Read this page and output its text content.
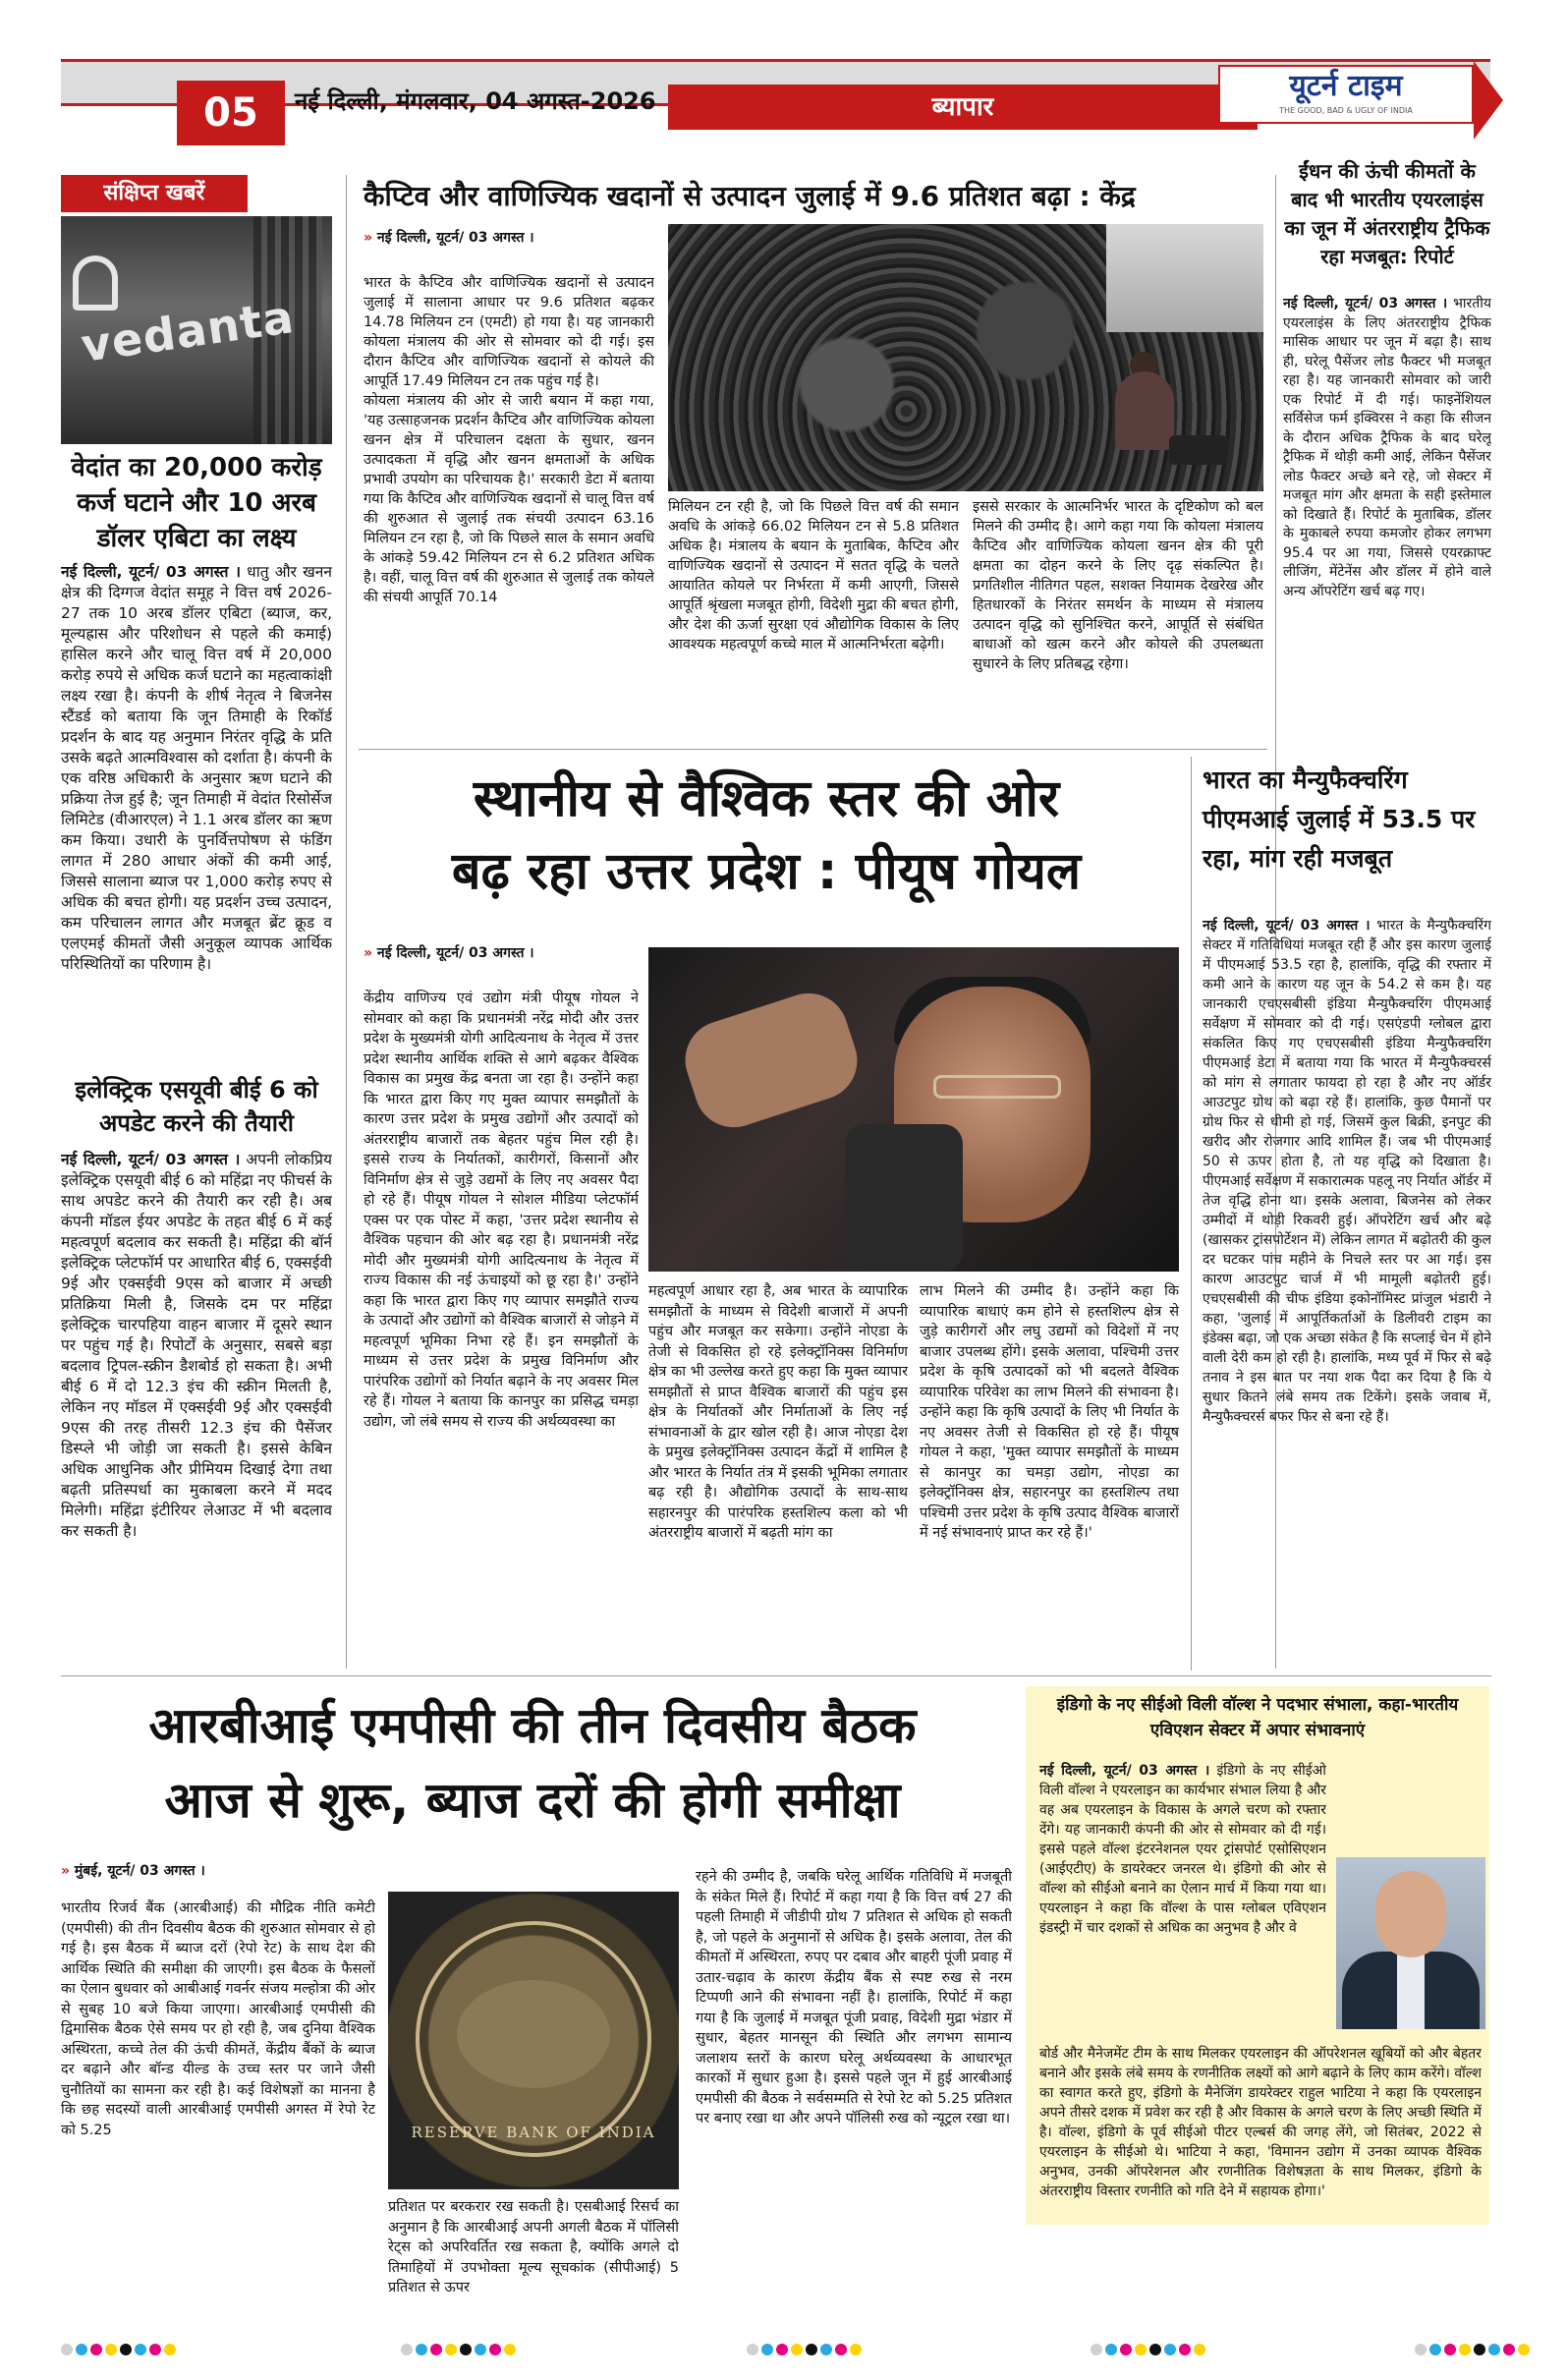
05	नई दिल्ली, मंगलवार, 04 अगस्त-2026	ब्यापार
यूटर्न टाइम
THE GOOD, BAD & UGLY OF INDIA
संक्षिप्त खबरें
vedanta
वेदांत का 20,000 करोड़ कर्ज घटाने और 10 अरब डॉलर एबिटा का लक्ष्य
नई दिल्ली, यूटर्न/ 03 अगस्त । धातु और खनन क्षेत्र की दिग्गज वेदांत समूह ने वित्त वर्ष 2026-27 तक 10 अरब डॉलर एबिटा (ब्याज, कर, मूल्यह्रास और परिशोधन से पहले की कमाई) हासिल करने और चालू वित्त वर्ष में 20,000 करोड़ रुपये से अधिक कर्ज घटाने का महत्वाकांक्षी लक्ष्य रखा है। कंपनी के शीर्ष नेतृत्व ने बिजनेस स्टैंडर्ड को बताया कि जून तिमाही के रिकॉर्ड प्रदर्शन के बाद यह अनुमान निरंतर वृद्धि के प्रति उसके बढ़ते आत्मविश्वास को दर्शाता है। कंपनी के एक वरिष्ठ अधिकारी के अनुसार ऋण घटाने की प्रक्रिया तेज हुई है; जून तिमाही में वेदांत रिसोर्सेज लिमिटेड (वीआरएल) ने 1.1 अरब डॉलर का ऋण कम किया। उधारी के पुनर्वित्तपोषण से फंडिंग लागत में 280 आधार अंकों की कमी आई, जिससे सालाना ब्याज पर 1,000 करोड़ रुपए से अधिक की बचत होगी। यह प्रदर्शन उच्च उत्पादन, कम परिचालन लागत और मजबूत ब्रेंट क्रूड व एलएमई कीमतों जैसी अनुकूल व्यापक आर्थिक परिस्थितियों का परिणाम है।
इलेक्ट्रिक एसयूवी बीई 6 को अपडेट करने की तैयारी
नई दिल्ली, यूटर्न/ 03 अगस्त । अपनी लोकप्रिय इलेक्ट्रिक एसयूवी बीई 6 को महिंद्रा नए फीचर्स के साथ अपडेट करने की तैयारी कर रही है। अब कंपनी मॉडल ईयर अपडेट के तहत बीई 6 में कई महत्वपूर्ण बदलाव कर सकती है। महिंद्रा की बॉर्न इलेक्ट्रिक प्लेटफॉर्म पर आधारित बीई 6, एक्सईवी 9ई और एक्सईवी 9एस को बाजार में अच्छी प्रतिक्रिया मिली है, जिसके दम पर महिंद्रा इलेक्ट्रिक चारपहिया वाहन बाजार में दूसरे स्थान पर पहुंच गई है। रिपोर्टों के अनुसार, सबसे बड़ा बदलाव ट्रिपल-स्क्रीन डैशबोर्ड हो सकता है। अभी बीई 6 में दो 12.3 इंच की स्क्रीन मिलती है, लेकिन नए मॉडल में एक्सईवी 9ई और एक्सईवी 9एस की तरह तीसरी 12.3 इंच की पैसेंजर डिस्प्ले भी जोड़ी जा सकती है। इससे केबिन अधिक आधुनिक और प्रीमियम दिखाई देगा तथा बढ़ती प्रतिस्पर्धा का मुकाबला करने में मदद मिलेगी। महिंद्रा इंटीरियर लेआउट में भी बदलाव कर सकती है।
कैप्टिव और वाणिज्यिक खदानों से उत्पादन जुलाई में 9.6 प्रतिशत बढ़ा : केंद्र
» नई दिल्ली, यूटर्न/ 03 अगस्त ।

भारत के कैप्टिव और वाणिज्यिक खदानों से उत्पादन जुलाई में सालाना आधार पर 9.6 प्रतिशत बढ़कर 14.78 मिलियन टन (एमटी) हो गया है। यह जानकारी कोयला मंत्रालय की ओर से सोमवार को दी गई। इस दौरान कैप्टिव और वाणिज्यिक खदानों से कोयले की आपूर्ति 17.49 मिलियन टन तक पहुंच गई है।

कोयला मंत्रालय की ओर से जारी बयान में कहा गया, 'यह उत्साहजनक प्रदर्शन कैप्टिव और वाणिज्यिक कोयला खनन क्षेत्र में परिचालन दक्षता के सुधार, खनन उत्पादकता में वृद्धि और खनन क्षमताओं के अधिक प्रभावी उपयोग का परिचायक है।' सरकारी डेटा में बताया गया कि कैप्टिव और वाणिज्यिक खदानों से चालू वित्त वर्ष की शुरुआत से जुलाई तक संचयी उत्पादन 63.16 मिलियन टन रहा है, जो कि पिछले साल के समान अवधि के आंकड़े 59.42 मिलियन टन से 6.2 प्रतिशत अधिक है। वहीं, चालू वित्त वर्ष की शुरुआत से जुलाई तक कोयले की संचयी आपूर्ति 70.14

मिलियन टन रही है, जो कि पिछले वित्त वर्ष की समान अवधि के आंकड़े 66.02 मिलियन टन से 5.8 प्रतिशत अधिक है। मंत्रालय के बयान के मुताबिक, कैप्टिव और वाणिज्यिक खदानों से उत्पादन में सतत वृद्धि के चलते आयातित कोयले पर निर्भरता में कमी आएगी, जिससे आपूर्ति श्रृंखला मजबूत होगी, विदेशी मुद्रा की बचत होगी, और देश की ऊर्जा सुरक्षा एवं औद्योगिक विकास के लिए आवश्यक महत्वपूर्ण कच्चे माल में आत्मनिर्भरता बढ़ेगी।
इससे सरकार के आत्मनिर्भर भारत के दृष्टिकोण को बल मिलने की उम्मीद है। आगे कहा गया कि कोयला मंत्रालय कैप्टिव और वाणिज्यिक कोयला खनन क्षेत्र की पूरी क्षमता का दोहन करने के लिए दृढ़ संकल्पित है। प्रगतिशील नीतिगत पहल, सशक्त नियामक देखरेख और हितधारकों के निरंतर समर्थन के माध्यम से मंत्रालय उत्पादन वृद्धि को सुनिश्चित करने, आपूर्ति से संबंधित बाधाओं को खत्म करने और कोयले की उपलब्धता सुधारने के लिए प्रतिबद्ध रहेगा।
ईंधन की ऊंची कीमतों के बाद भी भारतीय एयरलाइंस का जून में अंतरराष्ट्रीय ट्रैफिक रहा मजबूत: रिपोर्ट
नई दिल्ली, यूटर्न/ 03 अगस्त । भारतीय एयरलाइंस के लिए अंतरराष्ट्रीय ट्रैफिक मासिक आधार पर जून में बढ़ा है। साथ ही, घरेलू पैसेंजर लोड फैक्टर भी मजबूत रहा है। यह जानकारी सोमवार को जारी एक रिपोर्ट में दी गई। फाइनेंशियल सर्विसेज फर्म इक्विरस ने कहा कि सीजन के दौरान अधिक ट्रैफिक के बाद घरेलू ट्रैफिक में थोड़ी कमी आई, लेकिन पैसेंजर लोड फैक्टर अच्छे बने रहे, जो सेक्टर में मजबूत मांग और क्षमता के सही इस्तेमाल को दिखाते हैं। रिपोर्ट के मुताबिक, डॉलर के मुकाबले रुपया कमजोर होकर लगभग 95.4 पर आ गया, जिससे एयरक्राफ्ट लीजिंग, मेंटेनेंस और डॉलर में होने वाले अन्य ऑपरेटिंग खर्च बढ़ गए।
स्थानीय से वैश्विक स्तर की ओर
बढ़ रहा उत्तर प्रदेश : पीयूष गोयल
» नई दिल्ली, यूटर्न/ 03 अगस्त ।
केंद्रीय वाणिज्य एवं उद्योग मंत्री पीयूष गोयल ने सोमवार को कहा कि प्रधानमंत्री नरेंद्र मोदी और उत्तर प्रदेश के मुख्यमंत्री योगी आदित्यनाथ के नेतृत्व में उत्तर प्रदेश स्थानीय आर्थिक शक्ति से आगे बढ़कर वैश्विक विकास का प्रमुख केंद्र बनता जा रहा है। उन्होंने कहा कि भारत द्वारा किए गए मुक्त व्यापार समझौतों के कारण उत्तर प्रदेश के प्रमुख उद्योगों और उत्पादों को अंतरराष्ट्रीय बाजारों तक बेहतर पहुंच मिल रही है। इससे राज्य के निर्यातकों, कारीगरों, किसानों और विनिर्माण क्षेत्र से जुड़े उद्यमों के लिए नए अवसर पैदा हो रहे हैं। पीयूष गोयल ने सोशल मीडिया प्लेटफॉर्म एक्स पर एक पोस्ट में कहा, 'उत्तर प्रदेश स्थानीय से वैश्विक पहचान की ओर बढ़ रहा है। प्रधानमंत्री नरेंद्र मोदी और मुख्यमंत्री योगी आदित्यनाथ के नेतृत्व में राज्य विकास की नई ऊंचाइयों को छू रहा है।' उन्होंने कहा कि भारत द्वारा किए गए व्यापार समझौते राज्य के उत्पादों और उद्योगों को वैश्विक बाजारों से जोड़ने में महत्वपूर्ण भूमिका निभा रहे हैं। इन समझौतों के माध्यम से उत्तर प्रदेश के प्रमुख विनिर्माण और पारंपरिक उद्योगों को निर्यात बढ़ाने के नए अवसर मिल रहे हैं। गोयल ने बताया कि कानपुर का प्रसिद्ध चमड़ा उद्योग, जो लंबे समय से राज्य की अर्थव्यवस्था का
महत्वपूर्ण आधार रहा है, अब भारत के व्यापारिक समझौतों के माध्यम से विदेशी बाजारों में अपनी पहुंच और मजबूत कर सकेगा। उन्होंने नोएडा के तेजी से विकसित हो रहे इलेक्ट्रॉनिक्स विनिर्माण क्षेत्र का भी उल्लेख करते हुए कहा कि मुक्त व्यापार समझौतों से प्राप्त वैश्विक बाजारों की पहुंच इस क्षेत्र के निर्यातकों और निर्माताओं के लिए नई संभावनाओं के द्वार खोल रही है। आज नोएडा देश के प्रमुख इलेक्ट्रॉनिक्स उत्पादन केंद्रों में शामिल है और भारत के निर्यात तंत्र में इसकी भूमिका लगातार बढ़ रही है। औद्योगिक उत्पादों के साथ-साथ सहारनपुर की पारंपरिक हस्तशिल्प कला को भी अंतरराष्ट्रीय बाजारों में बढ़ती मांग का
लाभ मिलने की उम्मीद है। उन्होंने कहा कि व्यापारिक बाधाएं कम होने से हस्तशिल्प क्षेत्र से जुड़े कारीगरों और लघु उद्यमों को विदेशों में नए बाजार उपलब्ध होंगे। इसके अलावा, पश्चिमी उत्तर प्रदेश के कृषि उत्पादकों को भी बदलते वैश्विक व्यापारिक परिवेश का लाभ मिलने की संभावना है। उन्होंने कहा कि कृषि उत्पादों के लिए भी निर्यात के नए अवसर तेजी से विकसित हो रहे हैं। पीयूष गोयल ने कहा, 'मुक्त व्यापार समझौतों के माध्यम से कानपुर का चमड़ा उद्योग, नोएडा का इलेक्ट्रॉनिक्स क्षेत्र, सहारनपुर का हस्तशिल्प तथा पश्चिमी उत्तर प्रदेश के कृषि उत्पाद वैश्विक बाजारों में नई संभावनाएं प्राप्त कर रहे हैं।'
भारत का मैन्युफैक्चरिंग पीएमआई जुलाई में 53.5 पर रहा, मांग रही मजबूत
नई दिल्ली, यूटर्न/ 03 अगस्त । भारत के मैन्युफैक्चरिंग सेक्टर में गतिविधियां मजबूत रही हैं और इस कारण जुलाई में पीएमआई 53.5 रहा है, हालांकि, वृद्धि की रफ्तार में कमी आने के कारण यह जून के 54.2 से कम है। यह जानकारी एचएसबीसी इंडिया मैन्युफैक्चरिंग पीएमआई सर्वेक्षण में सोमवार को दी गई। एसएंडपी ग्लोबल द्वारा संकलित किए गए एचएसबीसी इंडिया मैन्युफैक्चरिंग पीएमआई डेटा में बताया गया कि भारत में मैन्युफैक्चरर्स को मांग से लगातार फायदा हो रहा है और नए ऑर्डर आउटपुट ग्रोथ को बढ़ा रहे हैं। हालांकि, कुछ पैमानों पर ग्रोथ फिर से धीमी हो गई, जिसमें कुल बिक्री, इनपुट की खरीद और रोजगार आदि शामिल हैं। जब भी पीएमआई 50 से ऊपर होता है, तो यह वृद्धि को दिखाता है। पीएमआई सर्वेक्षण में सकारात्मक पहलू नए निर्यात ऑर्डर में तेज वृद्धि होना था। इसके अलावा, बिजनेस को लेकर उम्मीदों में थोड़ी रिकवरी हुई। ऑपरेटिंग खर्च और बढ़े (खासकर ट्रांसपोर्टेशन में) लेकिन लागत में बढ़ोतरी की कुल दर घटकर पांच महीने के निचले स्तर पर आ गई। इस कारण आउटपुट चार्ज में भी मामूली बढ़ोतरी हुई। एचएसबीसी की चीफ इंडिया इकोनॉमिस्ट प्रांजुल भंडारी ने कहा, 'जुलाई में आपूर्तिकर्ताओं के डिलीवरी टाइम का इंडेक्स बढ़ा, जो एक अच्छा संकेत है कि सप्लाई चेन में होने वाली देरी कम हो रही है। हालांकि, मध्य पूर्व में फिर से बढ़े तनाव ने इस बात पर नया शक पैदा कर दिया है कि ये सुधार कितने लंबे समय तक टिकेंगे। इसके जवाब में, मैन्युफैक्चरर्स बफर फिर से बना रहे हैं।
आरबीआई एमपीसी की तीन दिवसीय बैठक
आज से शुरू, ब्याज दरों की होगी समीक्षा
» मुंबई, यूटर्न/ 03 अगस्त ।
भारतीय रिजर्व बैंक (आरबीआई) की मौद्रिक नीति कमेटी (एमपीसी) की तीन दिवसीय बैठक की शुरुआत सोमवार से हो गई है। इस बैठक में ब्याज दरों (रेपो रेट) के साथ देश की आर्थिक स्थिति की समीक्षा की जाएगी। इस बैठक के फैसलों का ऐलान बुधवार को आबीआई गवर्नर संजय मल्होत्रा की ओर से सुबह 10 बजे किया जाएगा। आरबीआई एमपीसी की द्विमासिक बैठक ऐसे समय पर हो रही है, जब दुनिया वैश्विक अस्थिरता, कच्चे तेल की ऊंची कीमतें, केंद्रीय बैंकों के ब्याज दर बढ़ाने और बॉन्ड यील्ड के उच्च स्तर पर जाने जैसी चुनौतियों का सामना कर रही है। कई विशेषज्ञों का मानना है कि छह सदस्यों वाली आरबीआई एमपीसी अगस्त में रेपो रेट को 5.25	RESERVE BANK OF INDIA
प्रतिशत पर बरकरार रख सकती है। एसबीआई रिसर्च का अनुमान है कि आरबीआई अपनी अगली बैठक में पॉलिसी रेट्स को अपरिवर्तित रख सकता है, क्योंकि अगले दो तिमाहियों में उपभोक्ता मूल्य सूचकांक (सीपीआई) 5 प्रतिशत से ऊपर
रहने की उम्मीद है, जबकि घरेलू आर्थिक गतिविधि में मजबूती के संकेत मिले हैं। रिपोर्ट में कहा गया है कि वित्त वर्ष 27 की पहली तिमाही में जीडीपी ग्रोथ 7 प्रतिशत से अधिक हो सकती है, जो पहले के अनुमानों से अधिक है। इसके अलावा, तेल की कीमतों में अस्थिरता, रुपए पर दबाव और बाहरी पूंजी प्रवाह में उतार-चढ़ाव के कारण केंद्रीय बैंक से स्पष्ट रुख से नरम टिप्पणी आने की संभावना नहीं है। हालांकि, रिपोर्ट में कहा गया है कि जुलाई में मजबूत पूंजी प्रवाह, विदेशी मुद्रा भंडार में सुधार, बेहतर मानसून की स्थिति और लगभग सामान्य जलाशय स्तरों के कारण घरेलू अर्थव्यवस्था के आधारभूत कारकों में सुधार हुआ है। इससे पहले जून में हुई आरबीआई एमपीसी की बैठक ने सर्वसम्मति से रेपो रेट को 5.25 प्रतिशत पर बनाए रखा था और अपने पॉलिसी रुख को न्यूट्रल रखा था।
इंडिगो के नए सीईओ विली वॉल्श ने पदभार संभाला, कहा-भारतीय एविएशन सेक्टर में अपार संभावनाएं
नई दिल्ली, यूटर्न/ 03 अगस्त । इंडिगो के नए सीईओ विली वॉल्श ने एयरलाइन का कार्यभार संभाल लिया है और वह अब एयरलाइन के विकास के अगले चरण को रफ्तार देंगे। यह जानकारी कंपनी की ओर से सोमवार को दी गई। इससे पहले वॉल्श इंटरनेशनल एयर ट्रांसपोर्ट एसोसिएशन (आईएटीए) के डायरेक्टर जनरल थे। इंडिगो की ओर से वॉल्श को सीईओ बनाने का ऐलान मार्च में किया गया था। एयरलाइन ने कहा कि वॉल्श के पास ग्लोबल एविएशन इंडस्ट्री में चार दशकों से अधिक का अनुभव है और वे
बोर्ड और मैनेजमेंट टीम के साथ मिलकर एयरलाइन की ऑपरेशनल खूबियों को और बेहतर बनाने और इसके लंबे समय के रणनीतिक लक्ष्यों को आगे बढ़ाने के लिए काम करेंगे। वॉल्श का स्वागत करते हुए, इंडिगो के मैनेजिंग डायरेक्टर राहुल भाटिया ने कहा कि एयरलाइन अपने तीसरे दशक में प्रवेश कर रही है और विकास के अगले चरण के लिए अच्छी स्थिति में है। वॉल्श, इंडिगो के पूर्व सीईओ पीटर एल्बर्स की जगह लेंगे, जो सितंबर, 2022 से एयरलाइन के सीईओ थे। भाटिया ने कहा, 'विमानन उद्योग में उनका व्यापक वैश्विक अनुभव, उनकी ऑपरेशनल और रणनीतिक विशेषज्ञता के साथ मिलकर, इंडिगो के अंतरराष्ट्रीय विस्तार रणनीति को गति देने में सहायक होगा।'
